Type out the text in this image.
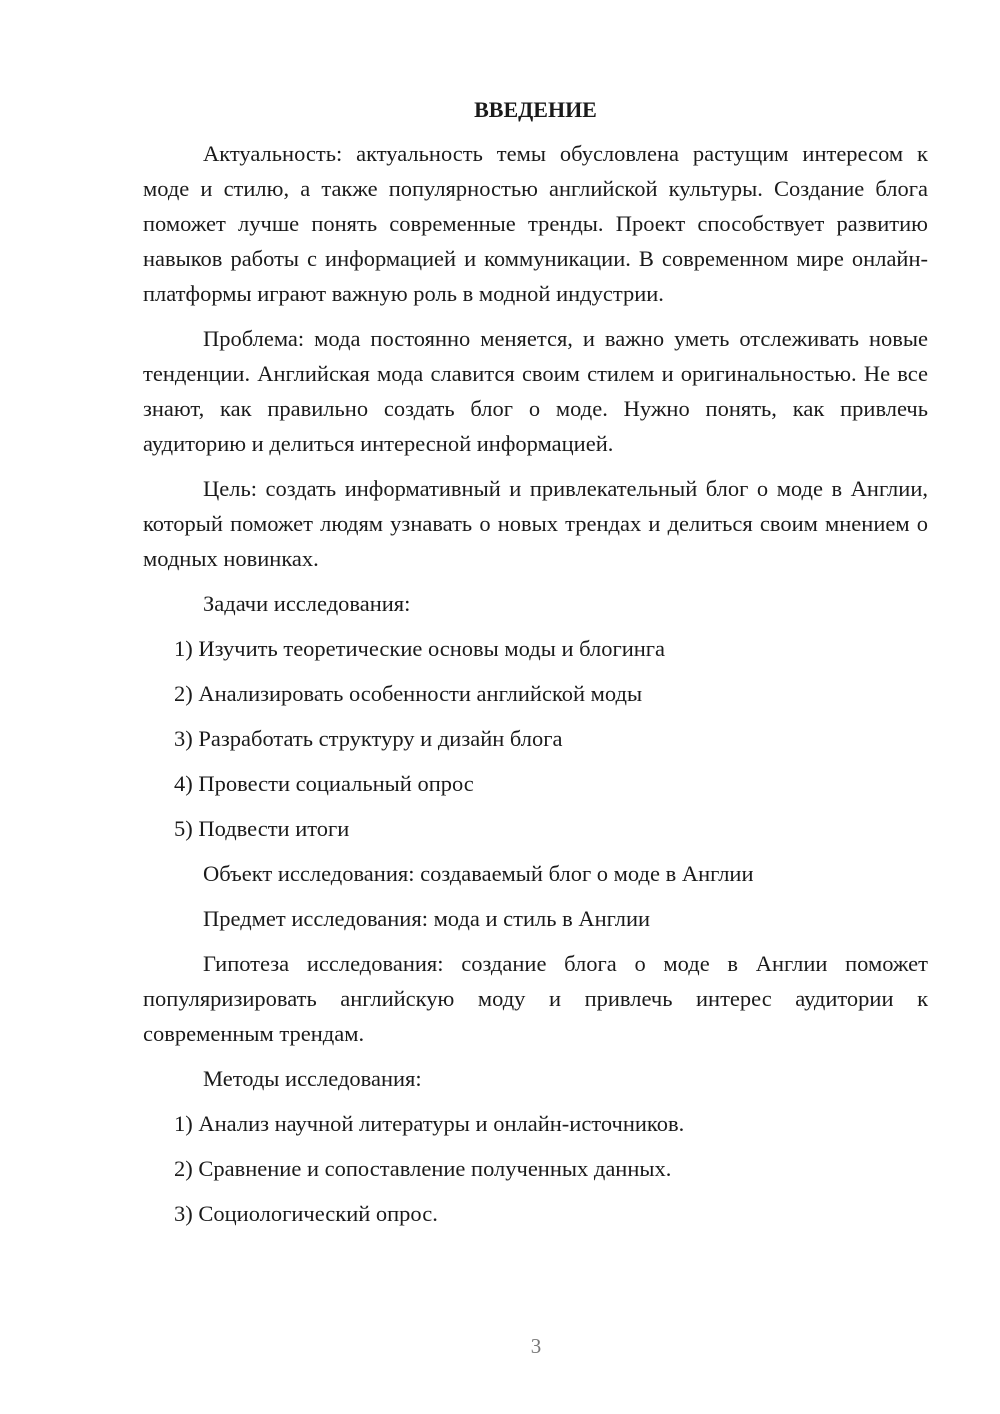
ВВЕДЕНИЕ

Актуальность: актуальность темы обусловлена растущим интересом к моде и стилю, а также популярностью английской культуры. Создание блога поможет лучше понять современные тренды. Проект способствует развитию навыков работы с информацией и коммуникации. В современном мире онлайн-платформы играют важную роль в модной индустрии.

Проблема: мода постоянно меняется, и важно уметь отслеживать новые тенденции. Английская мода славится своим стилем и оригинальностью. Не все знают, как правильно создать блог о моде. Нужно понять, как привлечь аудиторию и делиться интересной информацией.

Цель: создать информативный и привлекательный блог о моде в Англии, который поможет людям узнавать о новых трендах и делиться своим мнением о модных новинках.

Задачи исследования:

1) Изучить теоретические основы моды и блогинга
2) Анализировать особенности английской моды
3) Разработать структуру и дизайн блога
4) Провести социальный опрос
5) Подвести итоги

Объект исследования: создаваемый блог о моде в Англии

Предмет исследования: мода и стиль в Англии

Гипотеза исследования: создание блога о моде в Англии поможет популяризировать английскую моду и привлечь интерес аудитории к современным трендам.

Методы исследования:

1) Анализ научной литературы и онлайн-источников.
2) Сравнение и сопоставление полученных данных.
3) Социологический опрос.
3
